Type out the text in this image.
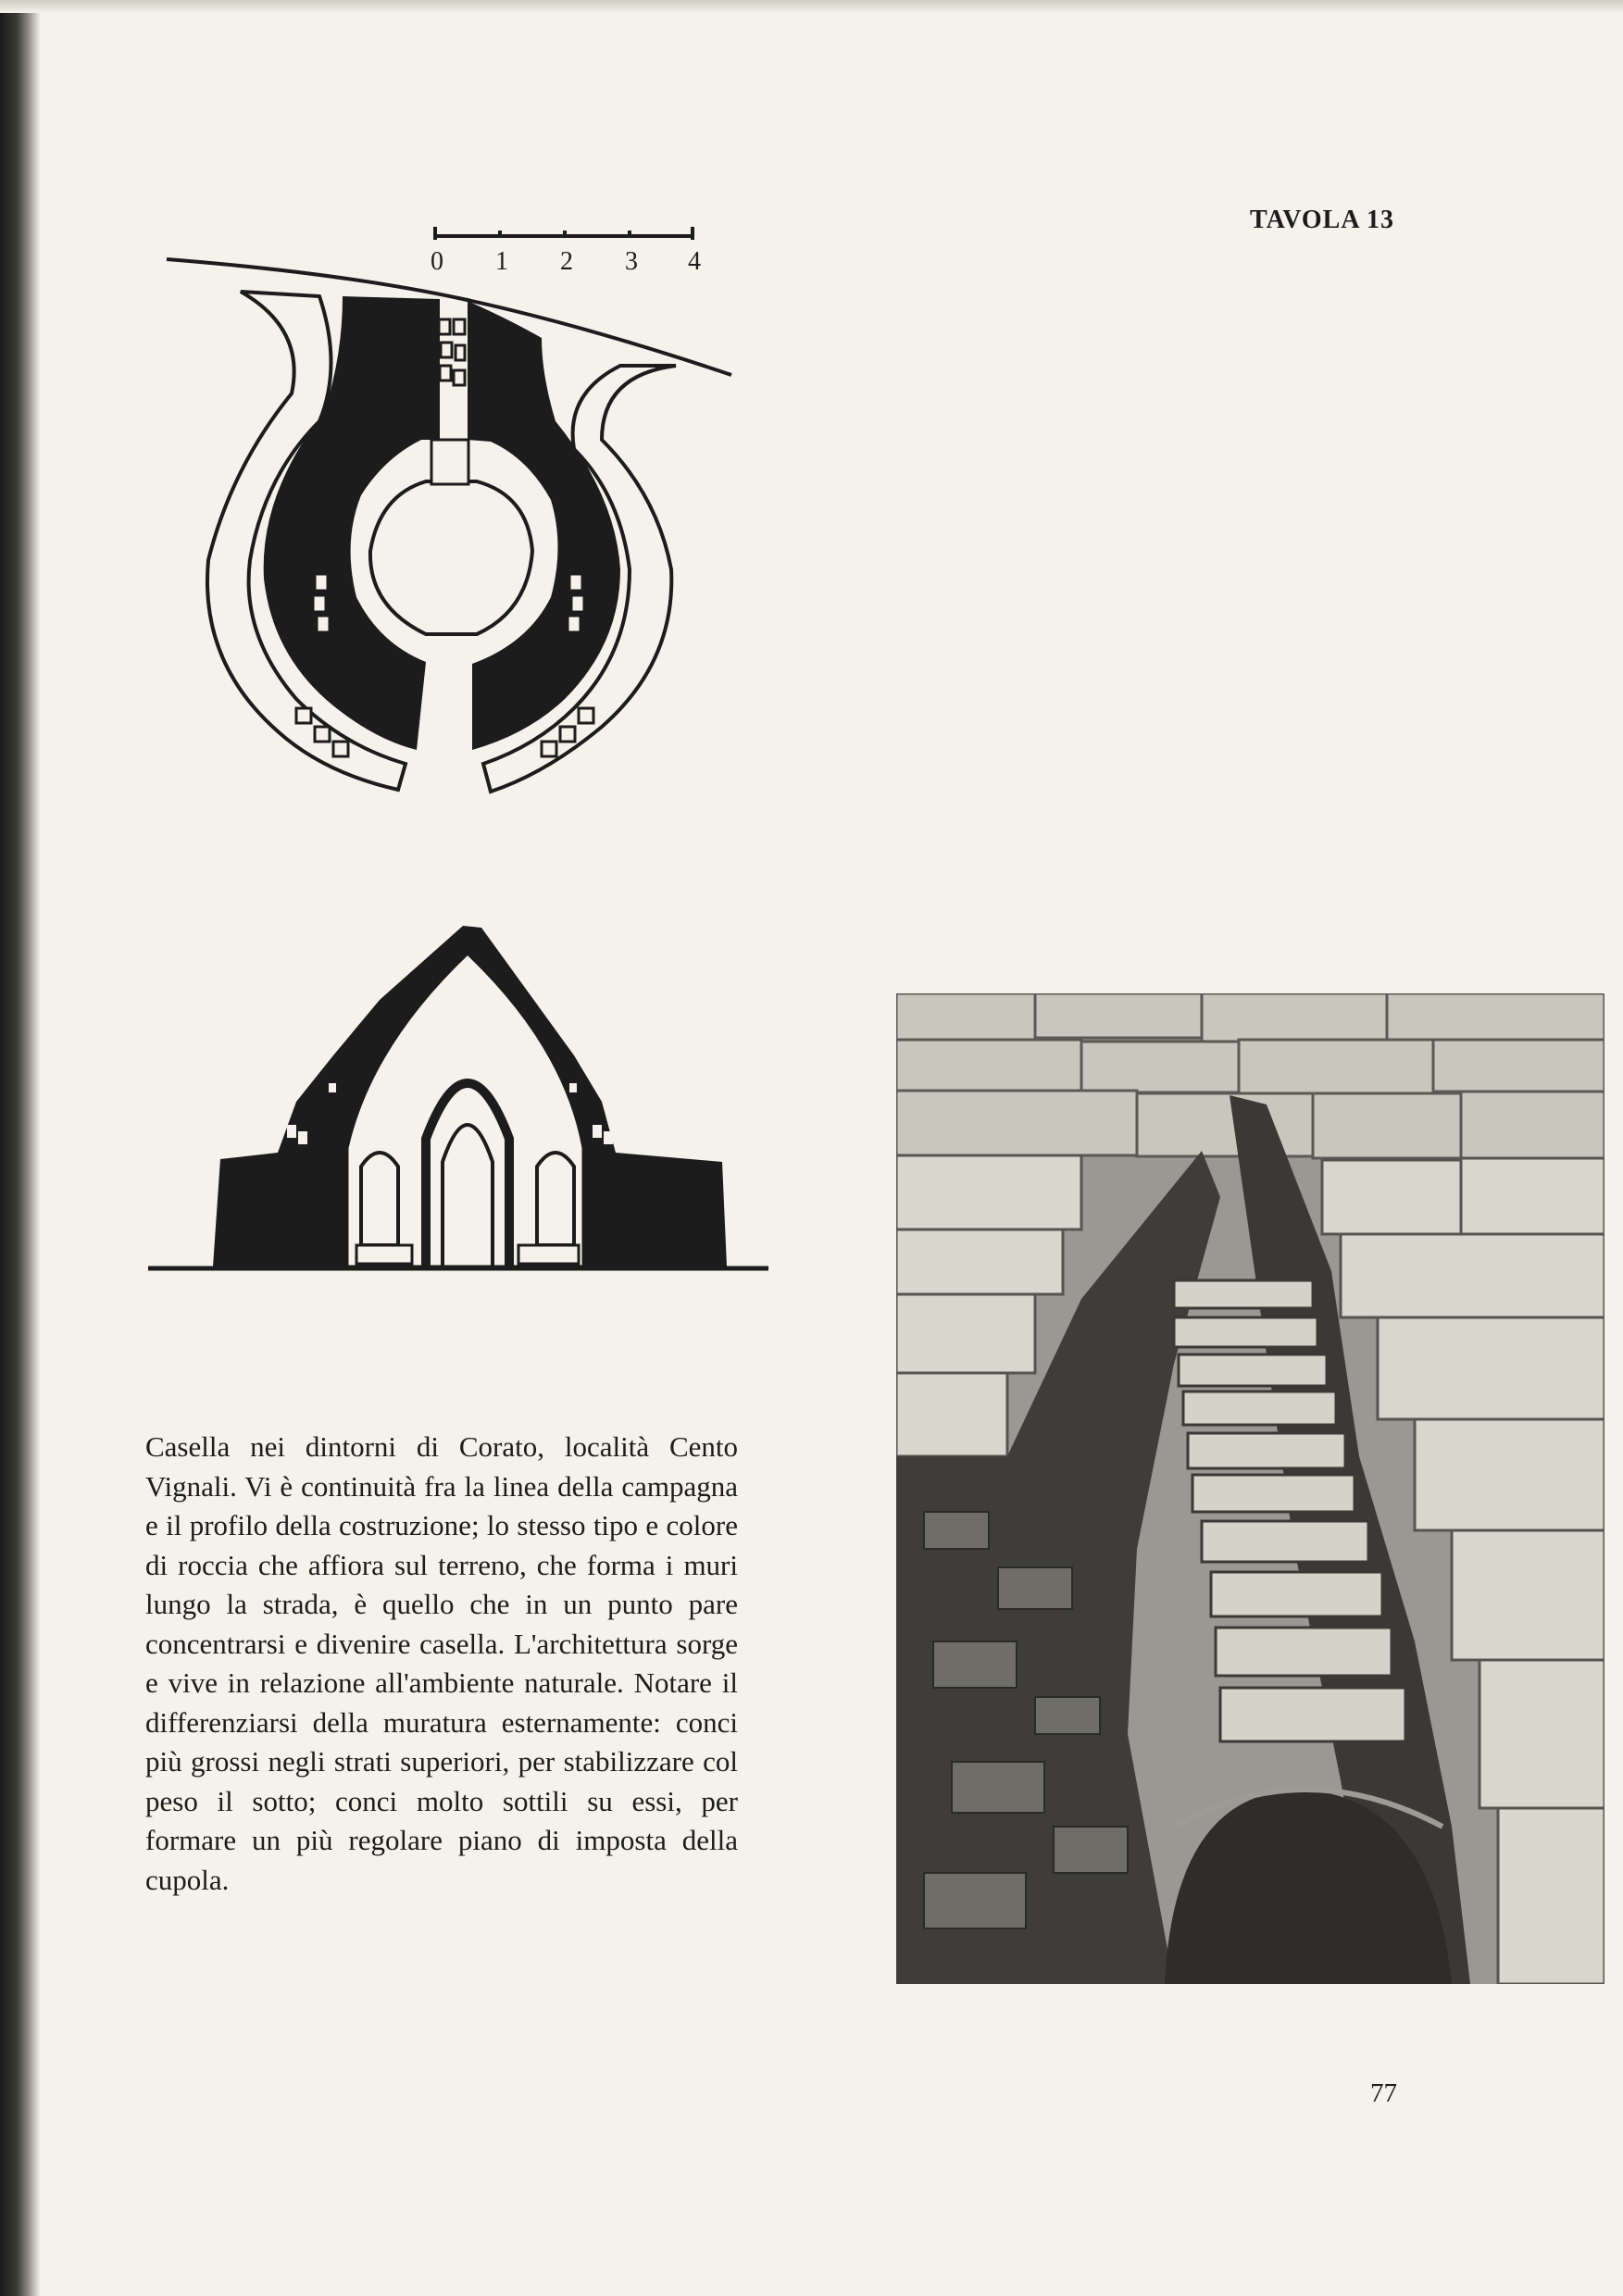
TAVOLA 13
0 1 2 3 4
Casella nei dintorni di Corato, località Cento Vignali. Vi è continuità fra la linea della campagna e il profilo della costruzione; lo stesso tipo e colore di roccia che affiora sul terreno, che forma i muri lungo la strada, è quello che in un punto pare concentrarsi e divenire casella. L'architettura sorge e vive in relazione all'ambiente naturale. Notare il differenziarsi della muratura esternamente: conci più grossi negli strati superiori, per stabilizzare col peso il sotto; conci molto sottili su essi, per formare un più regolare piano di imposta della cupola.
77
